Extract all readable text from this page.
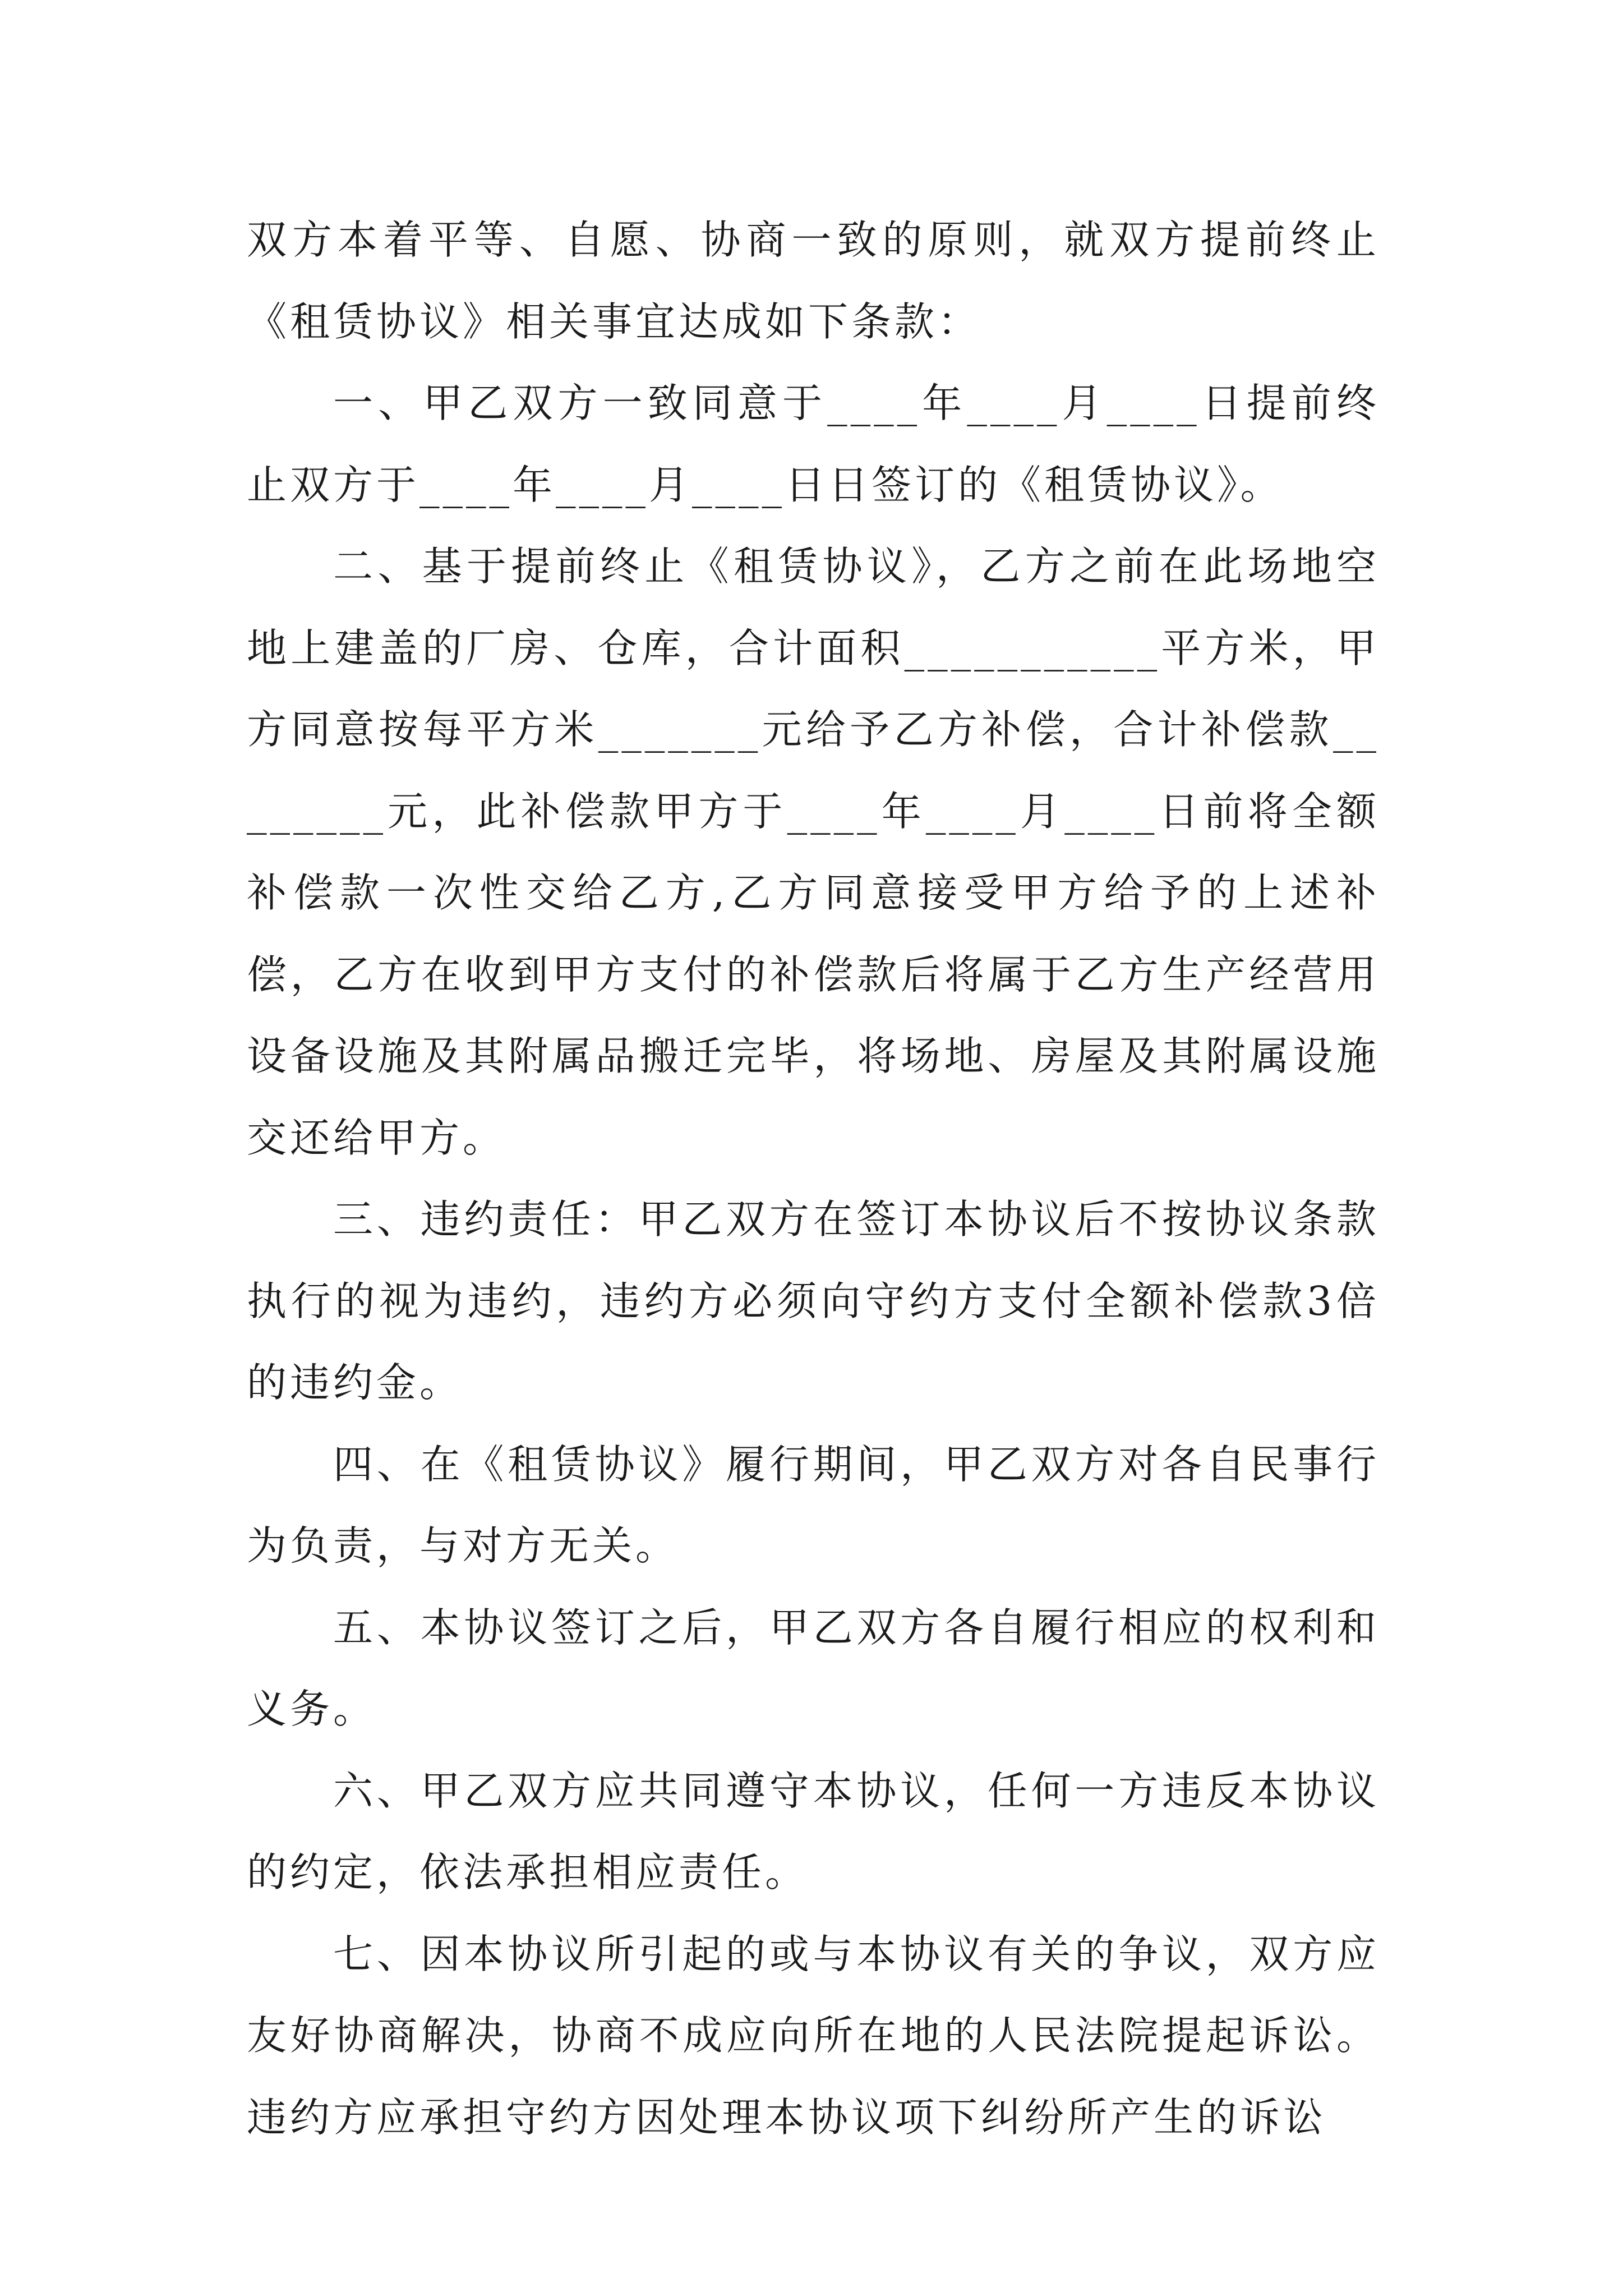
双方本着平等、自愿、协商一致的原则，就双方提前终止《租赁协议》相关事宜达成如下条款：

一、甲乙双方一致同意于____年____月____日提前终止双方于____年____月____日日签订的《租赁协议》。

二、基于提前终止《租赁协议》，乙方之前在此场地空地上建盖的厂房、仓库，合计面积___________平方米，甲方同意按每平方米_______元给予乙方补偿，合计补偿款________元，此补偿款甲方于____年____月____日前将全额补偿款一次性交给乙方,乙方同意接受甲方给予的上述补偿，乙方在收到甲方支付的补偿款后将属于乙方生产经营用设备设施及其附属品搬迁完毕，将场地、房屋及其附属设施交还给甲方。

三、违约责任：甲乙双方在签订本协议后不按协议条款执行的视为违约，违约方必须向守约方支付全额补偿款3倍的违约金。

四、在《租赁协议》履行期间，甲乙双方对各自民事行为负责，与对方无关。

五、本协议签订之后，甲乙双方各自履行相应的权利和义务。

六、甲乙双方应共同遵守本协议，任何一方违反本协议的约定，依法承担相应责任。

七、因本协议所引起的或与本协议有关的争议，双方应友好协商解决，协商不成应向所在地的人民法院提起诉讼。违约方应承担守约方因处理本协议项下纠纷所产生的诉讼
